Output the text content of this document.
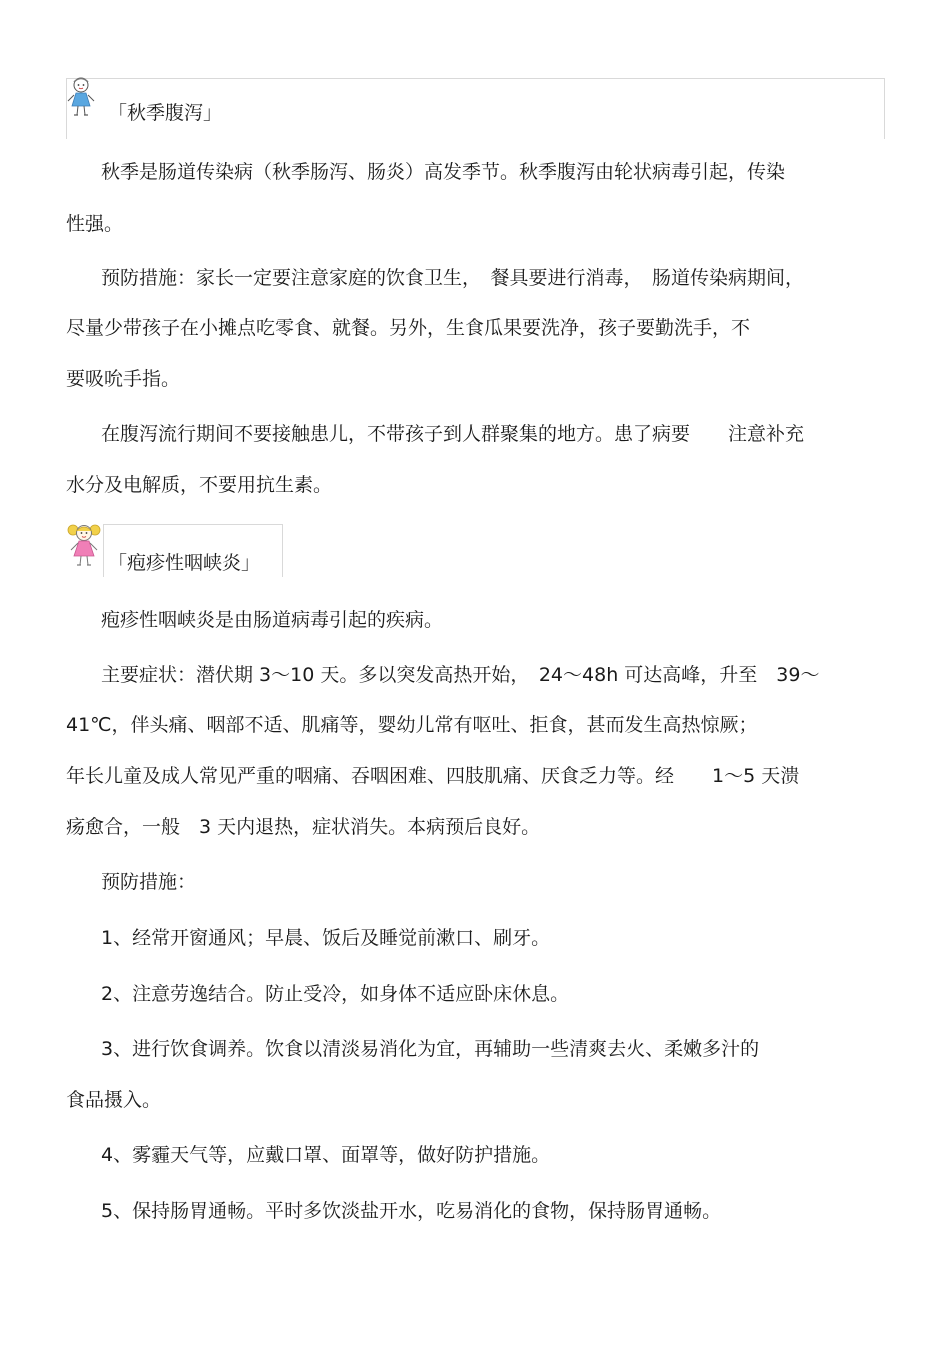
「秋季腹泻」
秋季是肠道传染病（秋季肠泻、肠炎）高发季节。秋季腹泻由轮状病毒引起，传染
性强。
预防措施：家长一定要注意家庭的饮食卫生，　餐具要进行消毒，　肠道传染病期间，
尽量少带孩子在小摊点吃零食、就餐。另外，生食瓜果要洗净，孩子要勤洗手，不
要吸吮手指。
在腹泻流行期间不要接触患儿，不带孩子到人群聚集的地方。患了病要　　注意补充
水分及电解质，不要用抗生素。
「疱疹性咽峡炎」
疱疹性咽峡炎是由肠道病毒引起的疾病。
主要症状：潜伏期 3～10 天。多以突发高热开始，　24～48h 可达高峰，升至　39～
41℃，伴头痛、咽部不适、肌痛等，婴幼儿常有呕吐、拒食，甚而发生高热惊厥；
年长儿童及成人常见严重的咽痛、吞咽困难、四肢肌痛、厌食乏力等。经　　1～5 天溃
疡愈合，一般　3 天内退热，症状消失。本病预后良好。
预防措施：
1、经常开窗通风；早晨、饭后及睡觉前漱口、刷牙。
2、注意劳逸结合。防止受冷，如身体不适应卧床休息。
3、进行饮食调养。饮食以清淡易消化为宜，再辅助一些清爽去火、柔嫩多汁的
食品摄入。
4、雾霾天气等，应戴口罩、面罩等，做好防护措施。
5、保持肠胃通畅。平时多饮淡盐开水，吃易消化的食物，保持肠胃通畅。
